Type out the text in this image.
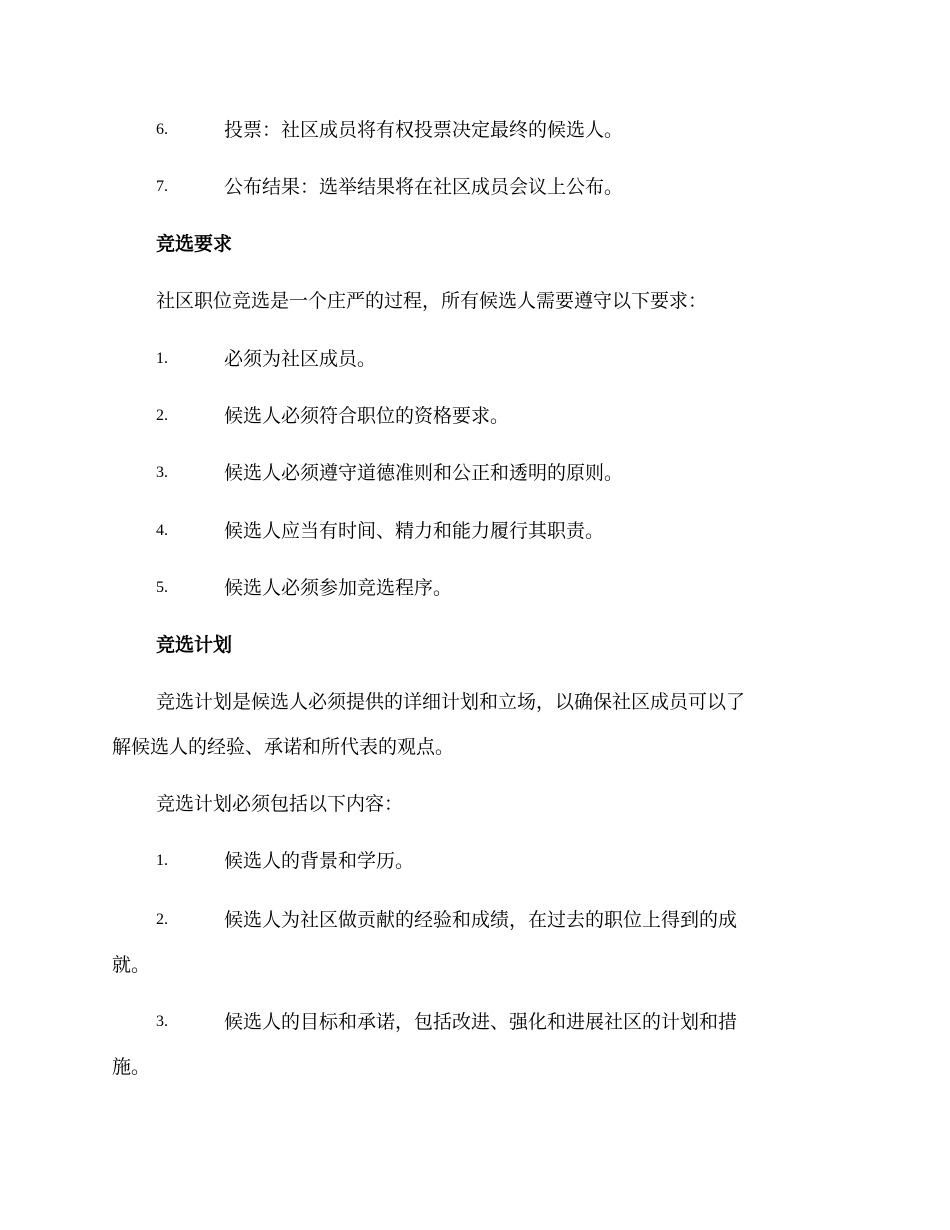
6.	投票：社区成员将有权投票决定最终的候选人。
7.	公布结果：选举结果将在社区成员会议上公布。
竞选要求
社区职位竞选是一个庄严的过程，所有候选人需要遵守以下要求：
1.	必须为社区成员。
2.	候选人必须符合职位的资格要求。
3.	候选人必须遵守道德准则和公正和透明的原则。
4.	候选人应当有时间、精力和能力履行其职责。
5.	候选人必须参加竞选程序。
竞选计划
竞选计划是候选人必须提供的详细计划和立场，以确保社区成员可以了
解候选人的经验、承诺和所代表的观点。
竞选计划必须包括以下内容：
1.	候选人的背景和学历。
2.	候选人为社区做贡献的经验和成绩，在过去的职位上得到的成
就。
3.	候选人的目标和承诺，包括改进、强化和进展社区的计划和措
施。
